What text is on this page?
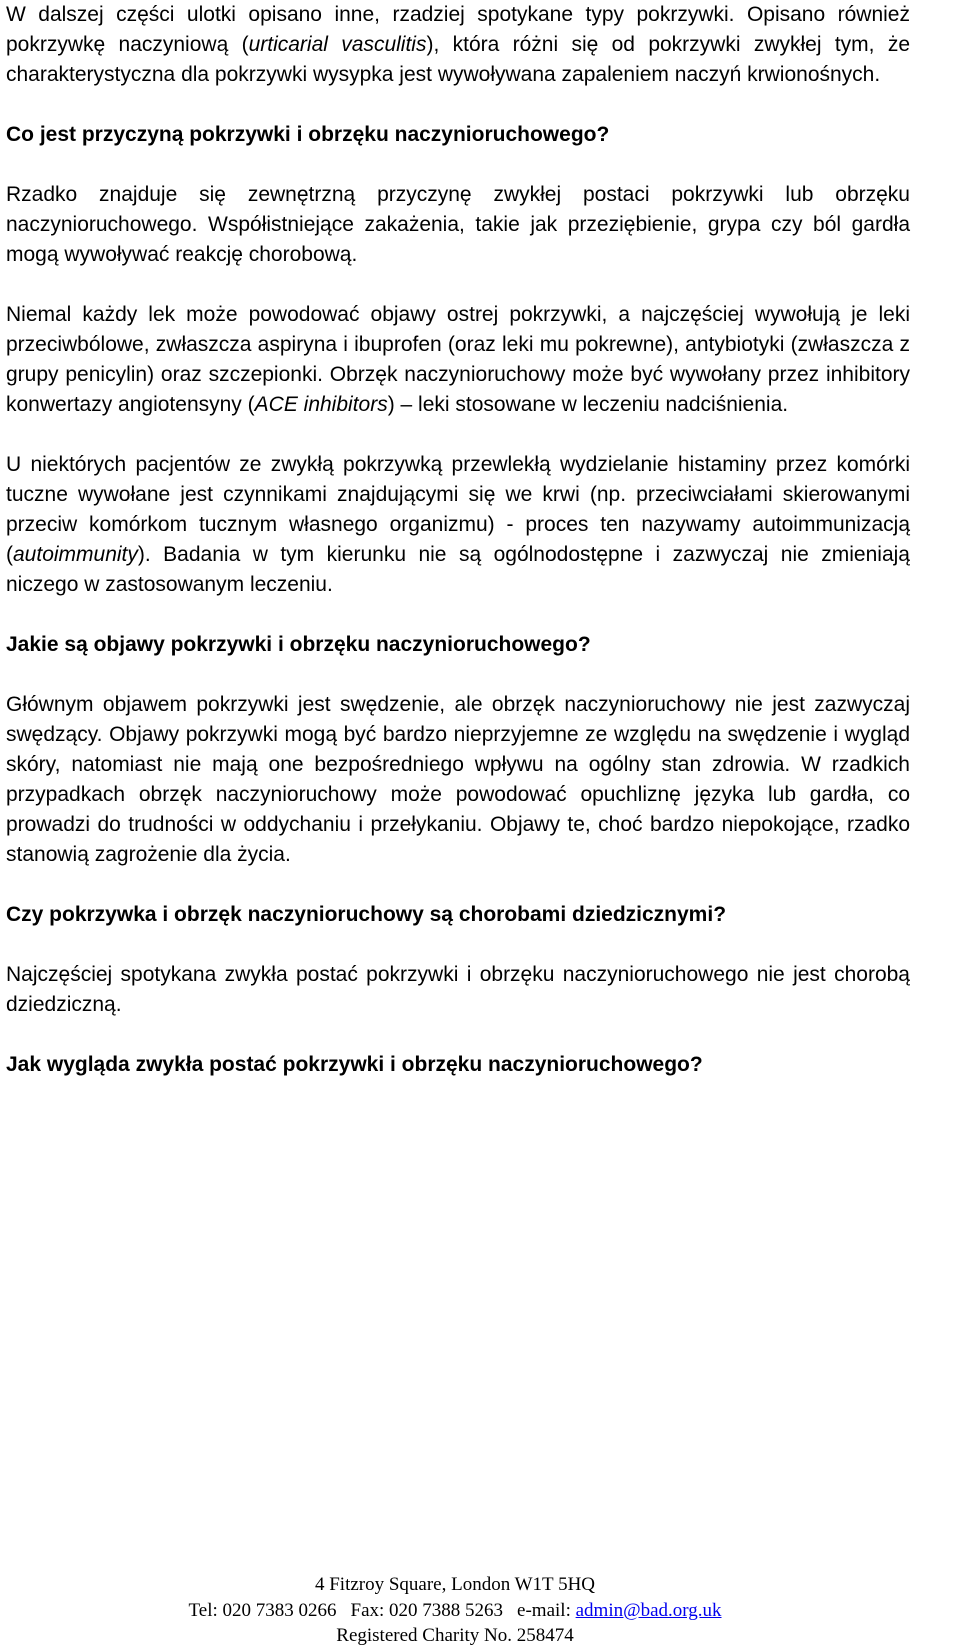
W dalszej części ulotki opisano inne, rzadziej spotykane typy pokrzywki. Opisano również pokrzywkę naczyniową (urticarial vasculitis), która różni się od pokrzywki zwykłej tym, że charakterystyczna dla pokrzywki wysypka jest wywoływana zapaleniem naczyń krwionośnych.

Co jest przyczyną pokrzywki i obrzęku naczynioruchowego?

Rzadko znajduje się zewnętrzną przyczynę zwykłej postaci pokrzywki lub obrzęku naczynioruchowego. Współistniejące zakażenia, takie jak przeziębienie, grypa czy ból gardła mogą wywoływać reakcję chorobową.

Niemal każdy lek może powodować objawy ostrej pokrzywki, a najczęściej wywołują je leki przeciwbólowe, zwłaszcza aspiryna i ibuprofen (oraz leki mu pokrewne), antybiotyki (zwłaszcza z grupy penicylin) oraz szczepionki. Obrzęk naczynioruchowy może być wywołany przez inhibitory konwertazy angiotensyny (ACE inhibitors) – leki stosowane w leczeniu nadciśnienia.

U niektórych pacjentów ze zwykłą pokrzywką przewlekłą wydzielanie histaminy przez komórki tuczne wywołane jest czynnikami znajdującymi się we krwi (np. przeciwciałami skierowanymi przeciw komórkom tucznym własnego organizmu) - proces ten nazywamy autoimmunizacją (autoimmunity). Badania w tym kierunku nie są ogólnodostępne i zazwyczaj nie zmieniają niczego w zastosowanym leczeniu.

Jakie są objawy pokrzywki i obrzęku naczynioruchowego?

Głównym objawem pokrzywki jest swędzenie, ale obrzęk naczynioruchowy nie jest zazwyczaj swędzący. Objawy pokrzywki mogą być bardzo nieprzyjemne ze względu na swędzenie i wygląd skóry, natomiast nie mają one bezpośredniego wpływu na ogólny stan zdrowia. W rzadkich przypadkach obrzęk naczynioruchowy może powodować opuchliznę języka lub gardła, co prowadzi do trudności w oddychaniu i przełykaniu. Objawy te, choć bardzo niepokojące, rzadko stanowią zagrożenie dla życia.

Czy pokrzywka i obrzęk naczynioruchowy są chorobami dziedzicznymi?

Najczęściej spotykana zwykła postać pokrzywki i obrzęku naczynioruchowego nie jest chorobą dziedziczną.

Jak wygląda zwykła postać pokrzywki i obrzęku naczynioruchowego?

4 Fitzroy Square, London W1T 5HQ
Tel: 020 7383 0266 Fax: 020 7388 5263 e-mail: admin@bad.org.uk
Registered Charity No. 258474
